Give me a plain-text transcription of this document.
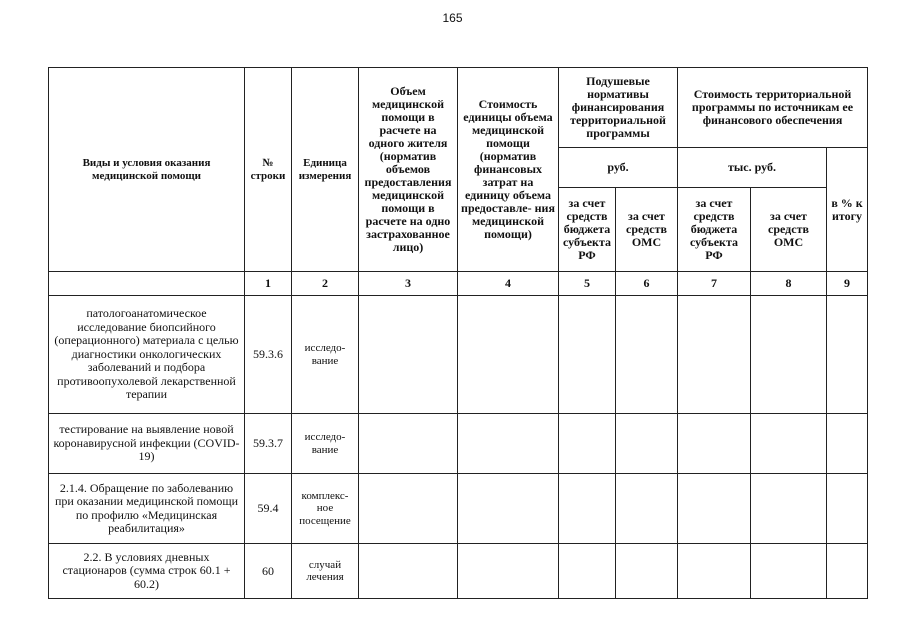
165
Виды и условия оказания медицинской помощи	№ строки	Единица измерения	Объем медицинской помощи в расчете на одного жителя (норматив объемов предоставления медицинской помощи в расчете на одно застрахованное лицо)	Стоимость единицы объема медицинской помощи (норматив финансовых затрат на единицу объема предоставле- ния медицинской помощи)	Подушевые нормативы финансирования территориальной программы		Стоимость территориальной программы по источникам ее финансового обеспечения		
					руб.		тыс. руб.		в % к итогу
					за счет средств бюджета субъекта РФ	за счет средств ОМС	за счет средств бюджета субъекта РФ	за счет средств ОМС	
	1	2	3	4	5	6	7	8	9
патологоанатомическое исследование биопсийного (операционного) материала с целью диагностики онкологических заболеваний и подбора противоопухолевой лекарственной терапии	59.3.6	исследо- вание							
тестирование на выявление новой коронавирусной инфекции (COVID-19)	59.3.7	исследо- вание							
2.1.4. Обращение по заболеванию при оказании медицинской помощи по профилю «Медицинская реабилитация»	59.4	комплекс- ное посещение							
2.2. В условиях дневных стационаров (сумма строк 60.1 + 60.2)	60	случай лечения							
